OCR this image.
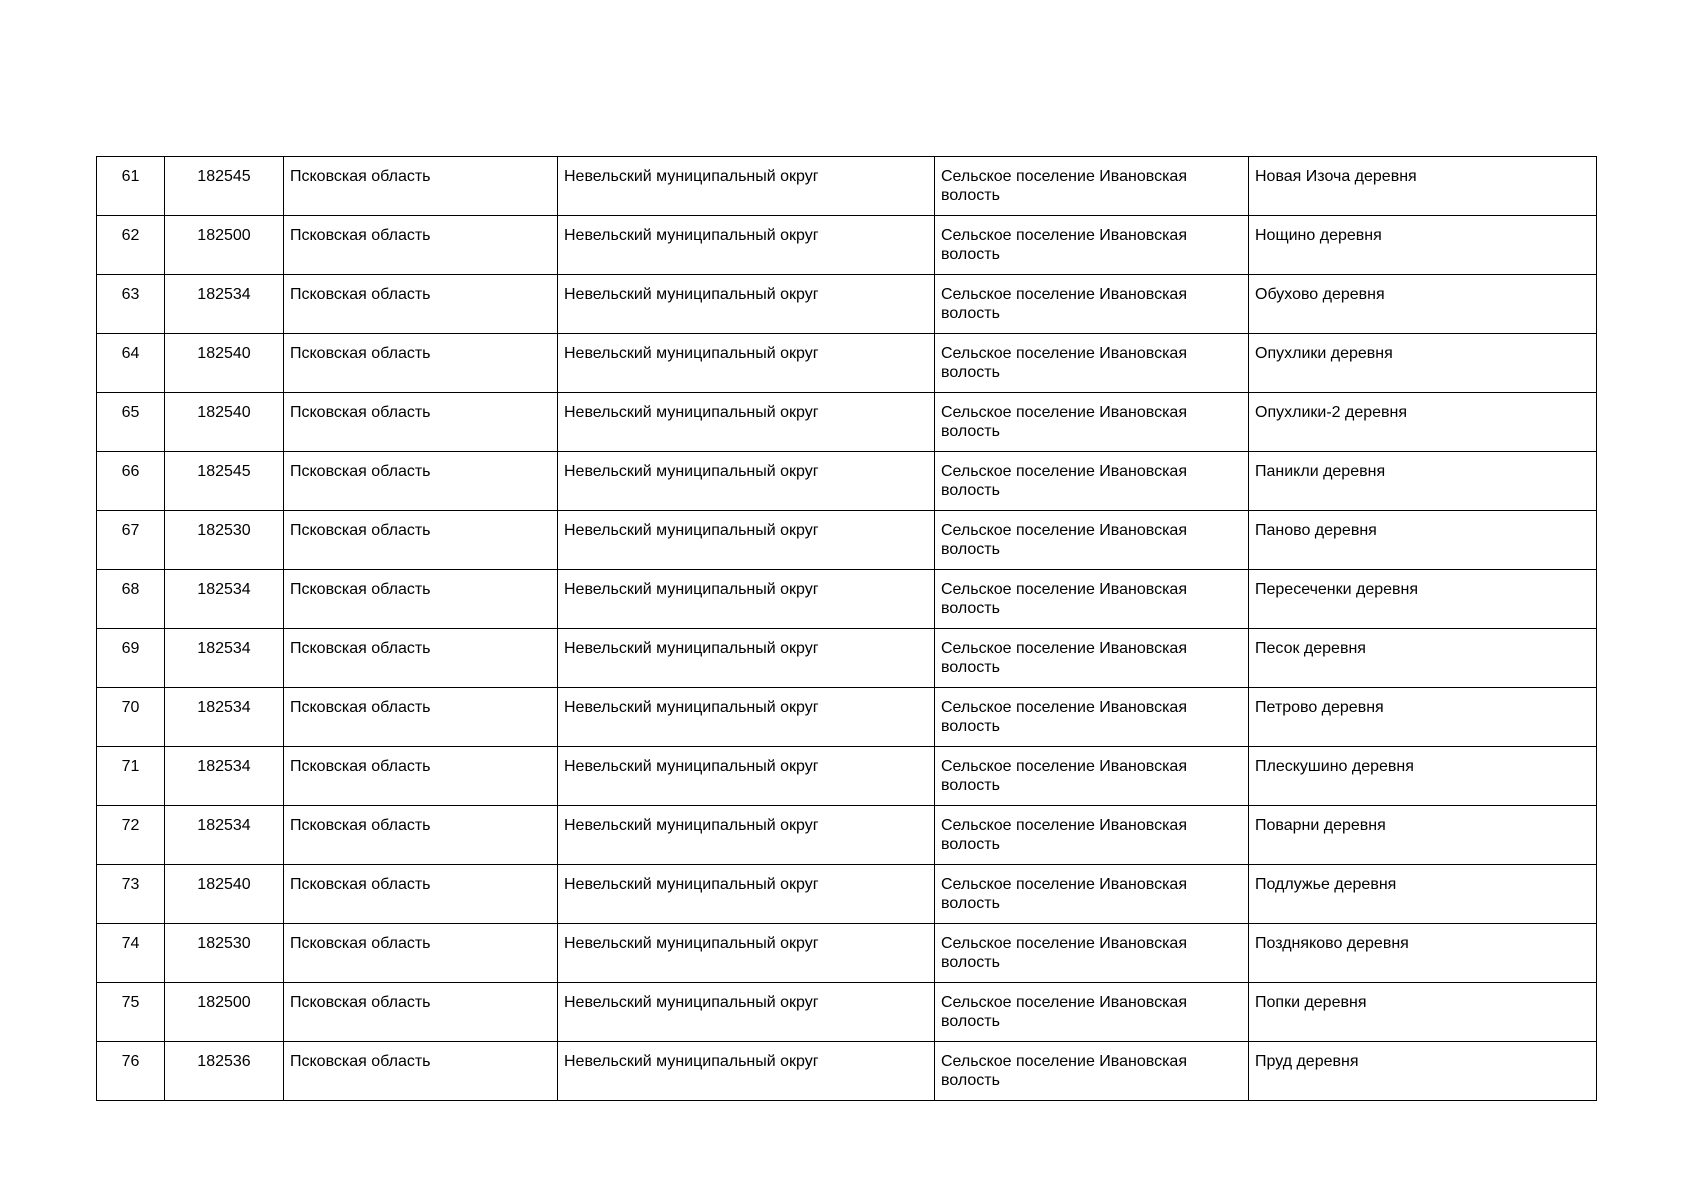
61	182545	Псковская область	Невельский муниципальный округ	Сельское поселение Ивановская волость	Новая Изоча деревня
62	182500	Псковская область	Невельский муниципальный округ	Сельское поселение Ивановская волость	Нощино деревня
63	182534	Псковская область	Невельский муниципальный округ	Сельское поселение Ивановская волость	Обухово деревня
64	182540	Псковская область	Невельский муниципальный округ	Сельское поселение Ивановская волость	Опухлики деревня
65	182540	Псковская область	Невельский муниципальный округ	Сельское поселение Ивановская волость	Опухлики-2 деревня
66	182545	Псковская область	Невельский муниципальный округ	Сельское поселение Ивановская волость	Паникли деревня
67	182530	Псковская область	Невельский муниципальный округ	Сельское поселение Ивановская волость	Паново деревня
68	182534	Псковская область	Невельский муниципальный округ	Сельское поселение Ивановская волость	Пересеченки деревня
69	182534	Псковская область	Невельский муниципальный округ	Сельское поселение Ивановская волость	Песок деревня
70	182534	Псковская область	Невельский муниципальный округ	Сельское поселение Ивановская волость	Петрово деревня
71	182534	Псковская область	Невельский муниципальный округ	Сельское поселение Ивановская волость	Плескушино деревня
72	182534	Псковская область	Невельский муниципальный округ	Сельское поселение Ивановская волость	Поварни деревня
73	182540	Псковская область	Невельский муниципальный округ	Сельское поселение Ивановская волость	Подлужье деревня
74	182530	Псковская область	Невельский муниципальный округ	Сельское поселение Ивановская волость	Поздняково деревня
75	182500	Псковская область	Невельский муниципальный округ	Сельское поселение Ивановская волость	Попки деревня
76	182536	Псковская область	Невельский муниципальный округ	Сельское поселение Ивановская волость	Пруд деревня
